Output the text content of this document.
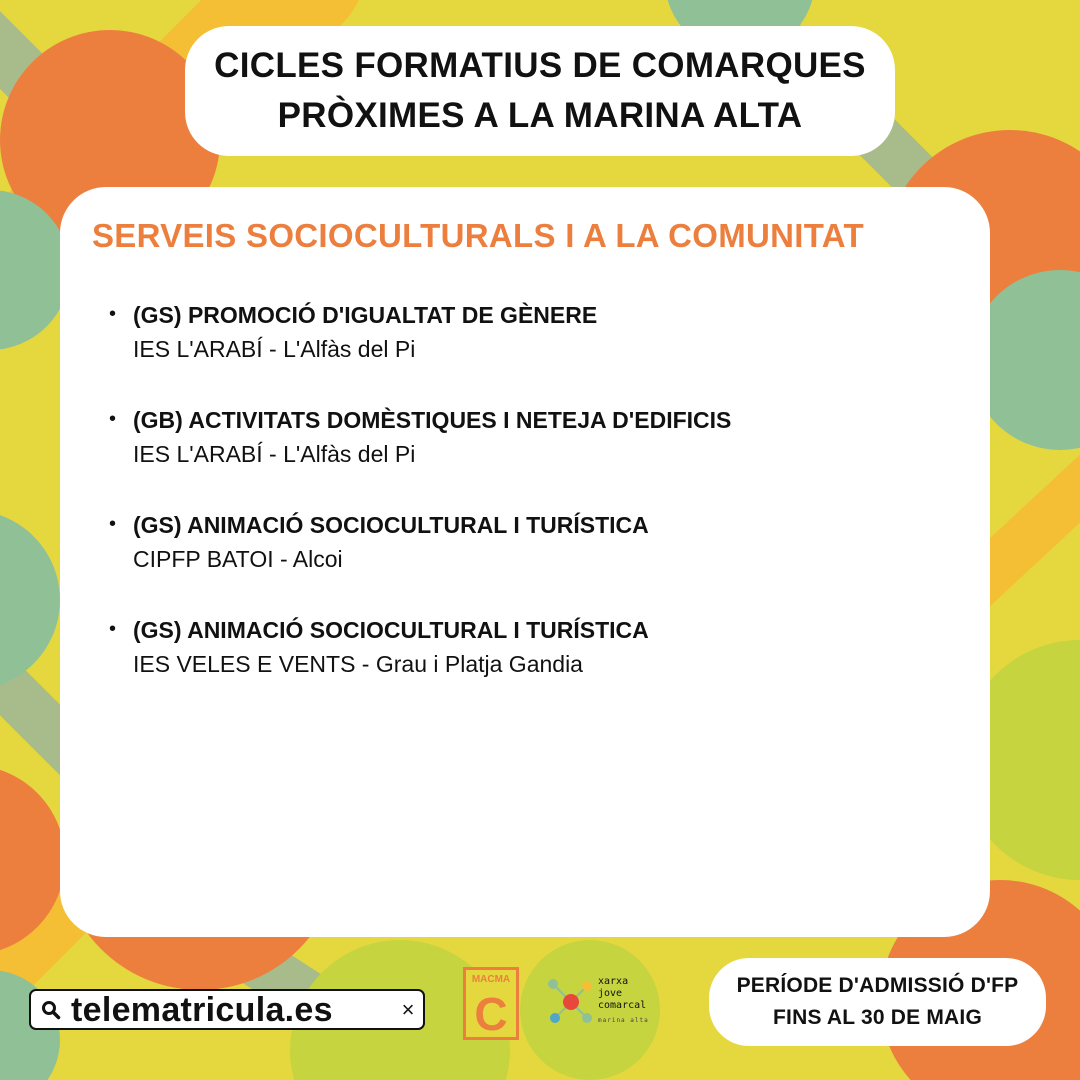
CICLES FORMATIUS DE COMARQUES
PRÒXIMES A LA MARINA ALTA
SERVEIS SOCIOCULTURALS I A LA COMUNITAT
• (GS) PROMOCIÓ D'IGUALTAT DE GÈNERE
IES L'ARABÍ - L'Alfàs del Pi
• (GB) ACTIVITATS DOMÈSTIQUES I NETEJA D'EDIFICIS
IES L'ARABÍ - L'Alfàs del Pi
• (GS) ANIMACIÓ SOCIOCULTURAL I TURÍSTICA
CIPFP BATOI - Alcoi
• (GS) ANIMACIÓ SOCIOCULTURAL I TURÍSTICA
IES VELES E VENTS - Grau i Platja Gandia
telematricula.es	×
MACMA
C
xarxa
jove
comarcal
marina alta
PERÍODE D'ADMISSIÓ D'FP
FINS AL 30 DE MAIG
